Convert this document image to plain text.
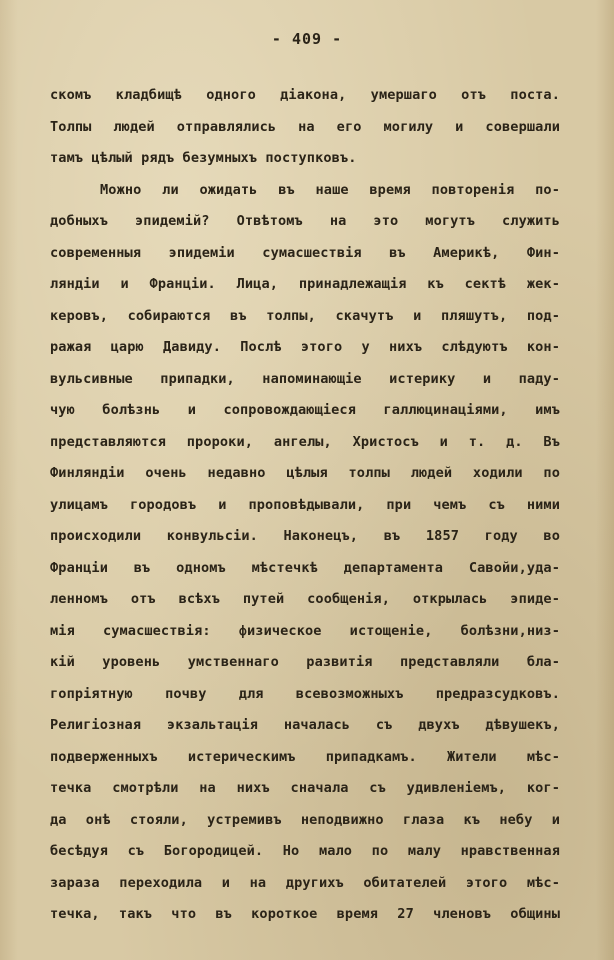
- 409 -
скомъ кладбищѣ одного діакона, умершаго отъ поста.
Толпы людей отправлялись на его могилу и совершали
тамъ цѣлый рядъ безумныхъ поступковъ.
Можно ли ожидать въ наше время повторенія по-
добныхъ эпидемій? Отвѣтомъ на это могутъ служить
современныя эпидеміи сумасшествія въ Америкѣ, Фин-
ляндіи и Франціи. Лица, принадлежащія къ сектѣ жек-
керовъ, собираются въ толпы, скачутъ и пляшутъ, под-
ражая царю Давиду. Послѣ этого у нихъ слѣдуютъ кон-
вульсивные припадки, напоминающіе истерику и паду-
чую болѣзнь и сопровождающіеся галлюцинаціями, имъ
представляются пророки, ангелы, Христосъ и т. д. Въ
Финляндіи очень недавно цѣлыя толпы людей ходили по
улицамъ городовъ и проповѣдывали, при чемъ съ ними
происходили конвульсіи. Наконецъ, въ 1857 году во
Франціи въ одномъ мѣстечкѣ департамента Савойи,уда-
ленномъ отъ всѣхъ путей сообщенія, открылась эпиде-
мія сумасшествія: физическое истощеніе, болѣзни,низ-
кій уровень умственнаго развитія представляли бла-
гопріятную почву для всевозможныхъ предразсудковъ.
Религіозная экзальтація началась съ двухъ дѣвушекъ,
подверженныхъ истерическимъ припадкамъ. Жители мѣс-
течка смотрѣли на нихъ сначала съ удивленіемъ, ког-
да онѣ стояли, устремивъ неподвижно глаза къ небу и
бесѣдуя съ Богородицей. Но мало по малу нравственная
зараза переходила и на другихъ обитателей этого мѣс-
течка, такъ что въ короткое время 27 членовъ общины
